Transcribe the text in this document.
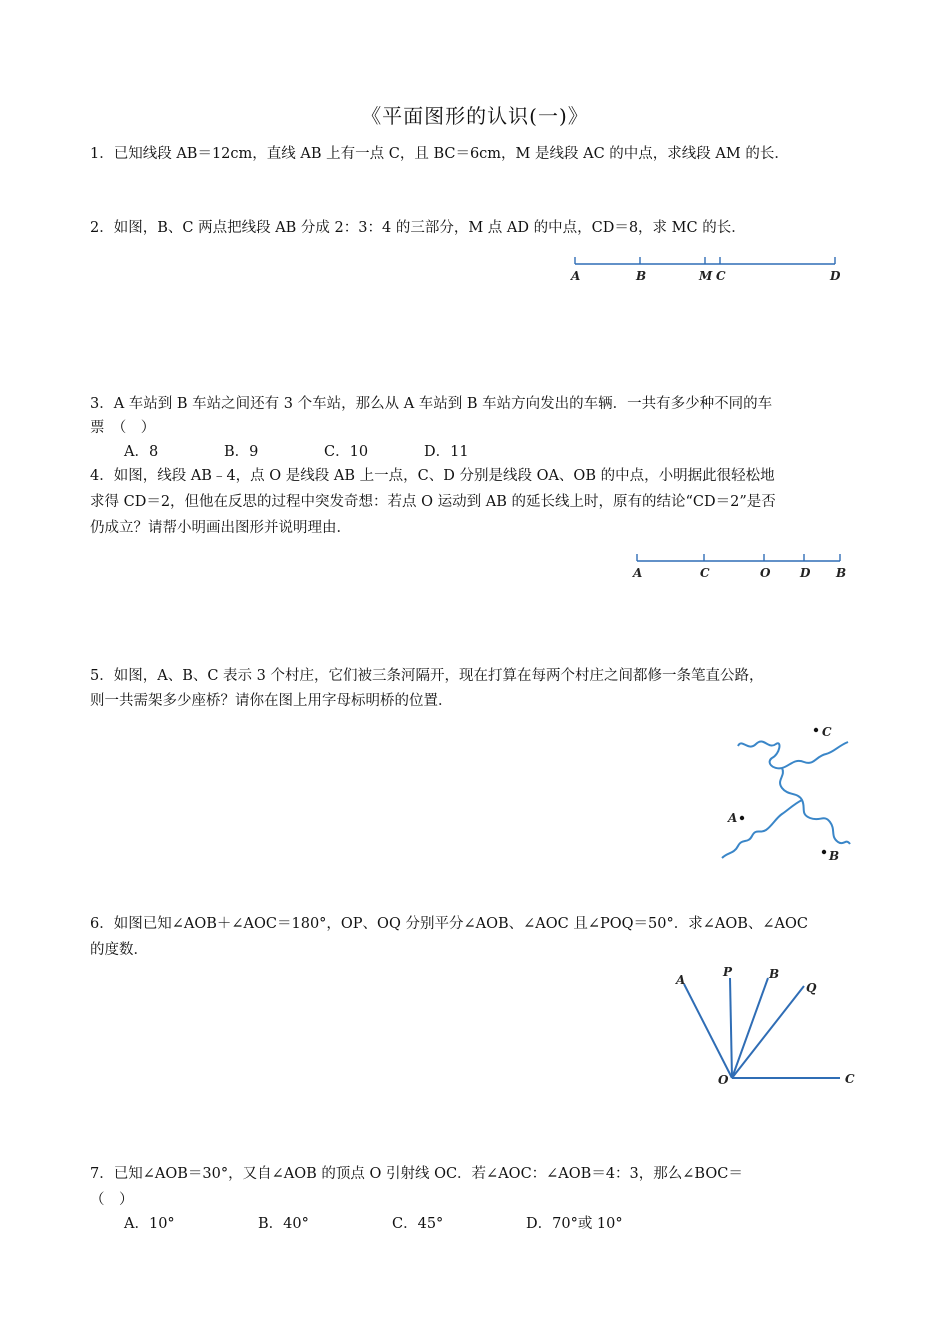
《平面图形的认识(一)》
1．已知线段 AB＝12cm，直线 AB 上有一点 C，且 BC＝6cm，M 是线段 AC 的中点，求线段 AM 的长．
2．如图，B、C 两点把线段 AB 分成 2：3：4 的三部分，M 点 AD 的中点，CD＝8，求 MC 的长．
A	B	M C	D
3．A 车站到 B 车站之间还有 3 个车站，那么从 A 车站到 B 车站方向发出的车辆．一共有多少种不同的车
票　（　）
A．8	B．9	C．10	D．11
4．如图，线段 AB﹣4，点 O 是线段 AB 上一点，C、D 分别是线段 OA、OB 的中点，小明据此很轻松地
求得 CD＝2，但他在反思的过程中突发奇想：若点 O 运动到 AB 的延长线上时，原有的结论“CD＝2”是否
仍成立？请帮小明画出图形并说明理由．
A	C	O D B
5．如图，A、B、C 表示 3 个村庄，它们被三条河隔开，现在打算在每两个村庄之间都修一条笔直公路，
则一共需架多少座桥？请你在图上用字母标明桥的位置．
A
B
C
6．如图已知∠AOB＋∠AOC＝180°，OP、OQ 分别平分∠AOB、∠AOC 且∠POQ＝50°．求∠AOB、∠AOC
的度数．
A
P	B
Q
O	C
7．已知∠AOB＝30°，又自∠AOB 的顶点 O 引射线 OC．若∠AOC：∠AOB＝4：3，那么∠BOC＝
（　）
A．10°	B．40°	C．45°	D．70°或 10°
